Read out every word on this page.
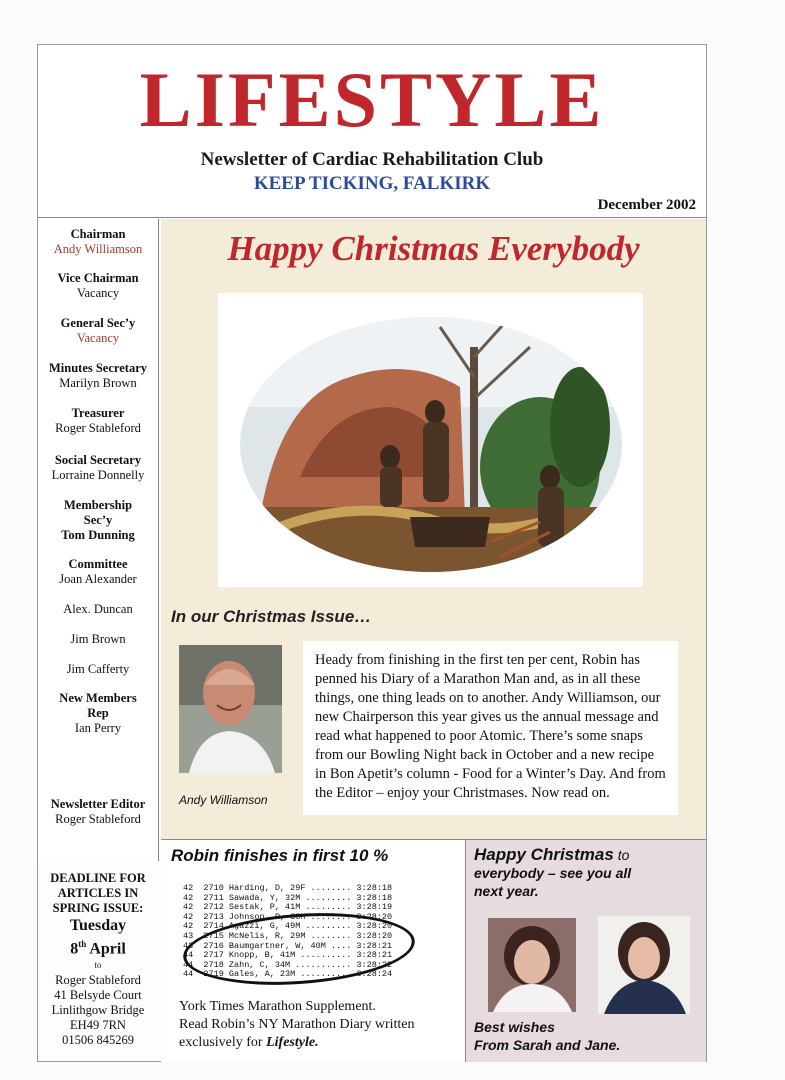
LIFESTYLE
Newsletter of Cardiac Rehabilitation Club
KEEP TICKING, FALKIRK
December 2002
Chairman
Andy Williamson
Vice Chairman
Vacancy
General Sec’y
Vacancy
Minutes Secretary
Marilyn Brown
Treasurer
Roger Stableford
Social Secretary
Lorraine Donnelly
Membership Sec’y
Tom Dunning
Committee
Joan Alexander
Alex. Duncan
Jim Brown
Jim Cafferty
New Members Rep
Ian Perry
Newsletter Editor
Roger Stableford
DEADLINE FOR ARTICLES IN SPRING ISSUE:
Tuesday
8th April
to
Roger Stableford
41 Belsyde Court
Linlithgow Bridge
EH49 7RN
01506 845269
Happy Christmas Everybody
In our Christmas Issue…
Andy Williamson
Heady from finishing in the first ten per cent, Robin has penned his Diary of a Marathon Man and, as in all these things, one thing leads on to another. Andy Williamson, our new Chairperson this year gives us the annual message and read what happened to poor Atomic. There’s some snaps from our Bowling Night back in October and a new recipe in Bon Apetit’s column - Food for a Winter’s Day. And from the Editor – enjoy your Christmases. Now read on.
Robin finishes in first 10 %
42  2710 Harding, D, 29F ........ 3:28:18
42  2711 Sawada, Y, 32M ......... 3:28:18
42  2712 Sestak, P, 41M ......... 3:28:19
42  2713 Johnson, R, 38M ........ 3:28:20
42  2714 Agazzi, G, 49M ......... 3:28:20
43  2715 McNelis, R, 29M ........ 3:28:20
43  2716 Baumgartner, W, 40M .... 3:28:21
44  2717 Knopp, B, 41M .......... 3:28:21
44  2718 Zahn, C, 34M ........... 3:28:22
44  2719 Gales, A, 23M .......... 3:28:24
York Times Marathon Supplement.
Read Robin’s NY Marathon Diary written
exclusively for Lifestyle.
Happy Christmas to
everybody – see you all
next year.
Best wishes
From Sarah and Jane.
